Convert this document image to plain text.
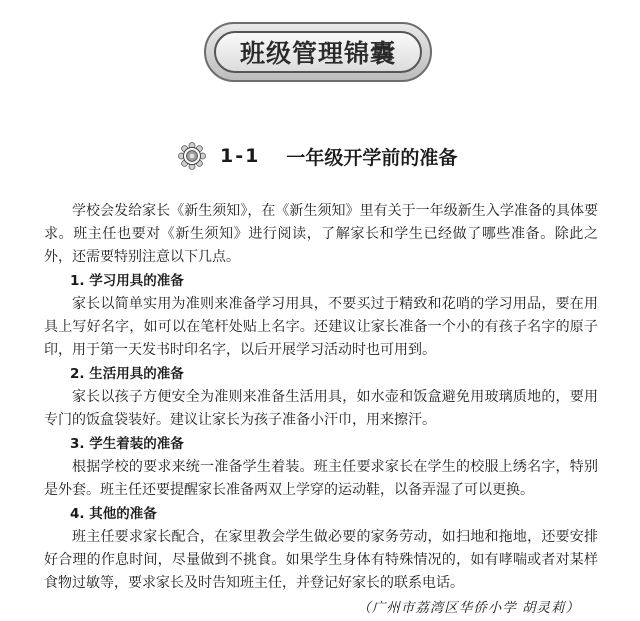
班级管理锦囊
1-1 一年级开学前的准备

学校会发给家长《新生须知》，在《新生须知》里有关于一年级新生入学准备的具体要求。班主任也要对《新生须知》进行阅读，了解家长和学生已经做了哪些准备。除此之外，还需要特别注意以下几点。

1. 学习用具的准备

家长以简单实用为准则来准备学习用具，不要买过于精致和花哨的学习用品，要在用具上写好名字，如可以在笔杆处贴上名字。还建议让家长准备一个小的有孩子名字的原子印，用于第一天发书时印名字，以后开展学习活动时也可用到。

2. 生活用具的准备

家长以孩子方便安全为准则来准备生活用具，如水壶和饭盒避免用玻璃质地的，要用专门的饭盒袋装好。建议让家长为孩子准备小汗巾，用来擦汗。

3. 学生着装的准备

根据学校的要求来统一准备学生着装。班主任要求家长在学生的校服上绣名字，特别是外套。班主任还要提醒家长准备两双上学穿的运动鞋，以备弄湿了可以更换。

4. 其他的准备

班主任要求家长配合，在家里教会学生做必要的家务劳动，如扫地和拖地，还要安排好合理的作息时间，尽量做到不挑食。如果学生身体有特殊情况的，如有哮喘或者对某样食物过敏等，要求家长及时告知班主任，并登记好家长的联系电话。

（广州市荔湾区华侨小学 胡灵莉）
